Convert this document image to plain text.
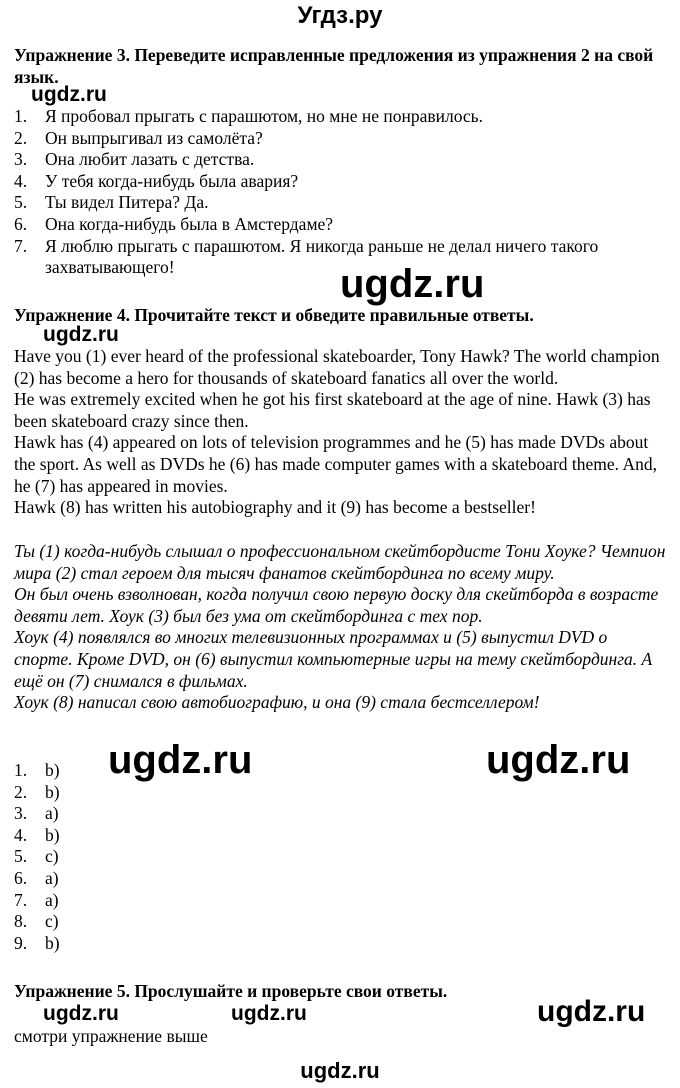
Угдз.ру
Упражнение 3. Переведите исправленные предложения из упражнения 2 на свой язык.
ugdz.ru
1.	Я пробовал прыгать с парашютом, но мне не понравилось.
2.	Он выпрыгивал из самолёта?
3.	Она любит лазать с детства.
4.	У тебя когда-нибудь была авария?
5.	Ты видел Питера? Да.
6.	Она когда-нибудь была в Амстердаме?
7.	Я люблю прыгать с парашютом. Я никогда раньше не делал ничего такого захватывающего!	ugdz.ru
Упражнение 4. Прочитайте текст и обведите правильные ответы.
ugdz.ru

Have you (1) ever heard of the professional skateboarder, Tony Hawk? The world champion (2) has become a hero for thousands of skateboard fanatics all over the world.

He was extremely excited when he got his first skateboard at the age of nine. Hawk (3) has been skateboard crazy since then.

Hawk has (4) appeared on lots of television programmes and he (5) has made DVDs about the sport. As well as DVDs he (6) has made computer games with a skateboard theme. And, he (7) has appeared in movies.

Hawk (8) has written his autobiography and it (9) has become a bestseller!

Ты (1) когда-нибудь слышал о профессиональном скейтбордисте Тони Хоуке? Чемпион мира (2) стал героем для тысяч фанатов скейтбординга по всему миру.

Он был очень взволнован, когда получил свою первую доску для скейтборда в возрасте девяти лет. Хоук (3) был без ума от скейтбординга с тех пор.

Хоук (4) появлялся во многих телевизионных программах и (5) выпустил DVD о спорте. Кроме DVD, он (6) выпустил компьютерные игры на тему скейтбординга. А ещё он (7) снимался в фильмах.

Хоук (8) написал свою автобиографию, и она (9) стала бестселлером!

ugdz.ru	ugdz.ru
1.	b)
2.	b)
3.	a)
4.	b)
5.	c)
6.	a)
7.	a)
8.	c)
9.	b)
Упражнение 5. Прослушайте и проверьте свои ответы.
ugdz.ru	ugdz.ru	ugdz.ru
смотри упражнение выше
ugdz.ru
